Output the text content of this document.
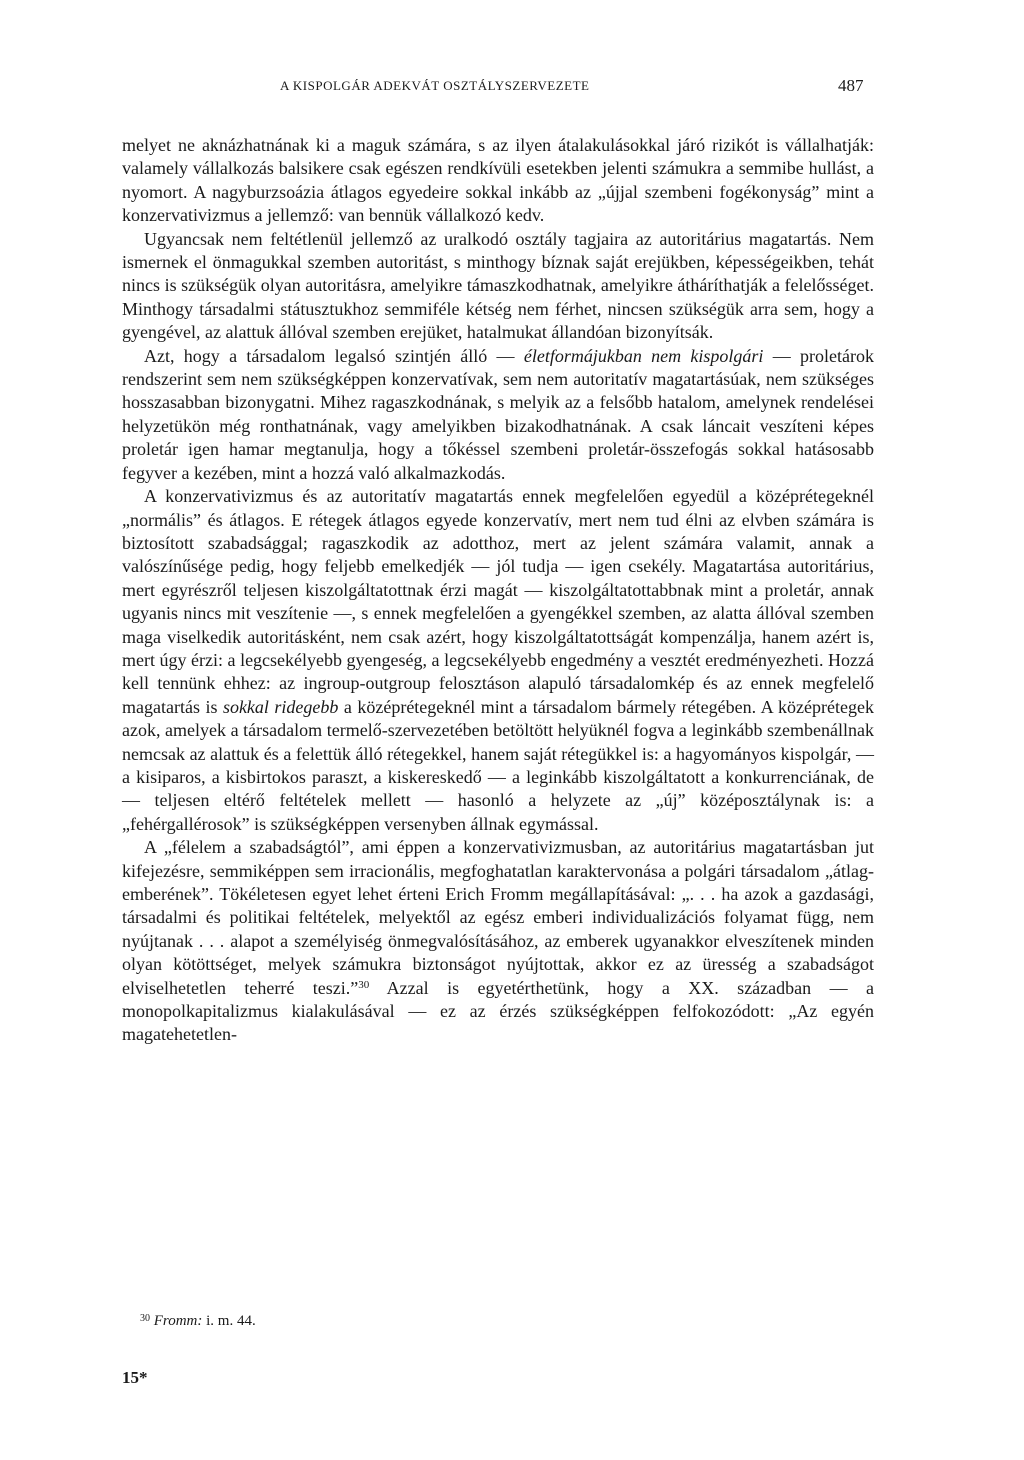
A KISPOLGÁR ADEKVÁT OSZTÁLYSZERVEZETE	487

melyet ne aknázhatnának ki a maguk számára, s az ilyen átalakulásokkal járó rizikót is vállalhatják: valamely vállalkozás balsikere csak egészen rendkívüli esetekben jelenti számukra a semmibe hullást, a nyomort. A nagyburzsoázia átlagos egyedeire sokkal inkább az „újjal szembeni fogékonyság” mint a konzervativizmus a jellemző: van bennük vállalkozó kedv.

Ugyancsak nem feltétlenül jellemző az uralkodó osztály tagjaira az autoritárius magatartás. Nem ismernek el önmagukkal szemben autoritást, s minthogy bíznak saját erejükben, képességeikben, tehát nincs is szükségük olyan autoritásra, amelyikre támaszkodhatnak, amelyikre átháríthatják a felelősséget. Minthogy társadalmi státusztukhoz semmiféle kétség nem férhet, nincsen szükségük arra sem, hogy a gyengével, az alattuk állóval szemben erejüket, hatalmukat állandóan bizonyítsák.

Azt, hogy a társadalom legalsó szintjén álló — életformájukban nem kispolgári — proletárok rendszerint sem nem szükségképpen konzervatívak, sem nem autoritatív magatartásúak, nem szükséges hosszasabban bizonygatni. Mihez ragaszkodnának, s melyik az a felsőbb hatalom, amelynek rendelései helyzetükön még ronthatnának, vagy amelyikben bizakodhatnának. A csak láncait veszíteni képes proletár igen hamar megtanulja, hogy a tőkéssel szembeni proletár-összefogás sokkal hatásosabb fegyver a kezében, mint a hozzá való alkalmazkodás.

A konzervativizmus és az autoritatív magatartás ennek megfelelően egyedül a középrétegeknél „normális” és átlagos. E rétegek átlagos egyede konzervatív, mert nem tud élni az elvben számára is biztosított szabadsággal; ragaszkodik az adotthoz, mert az jelent számára valamit, annak a valószínűsége pedig, hogy feljebb emelkedjék — jól tudja — igen csekély. Magatartása autoritárius, mert egyrészről teljesen kiszolgáltatottnak érzi magát — kiszolgáltatottabbnak mint a proletár, annak ugyanis nincs mit veszítenie —, s ennek megfelelően a gyengékkel szemben, az alatta állóval szemben maga viselkedik autoritásként, nem csak azért, hogy kiszolgáltatottságát kompenzálja, hanem azért is, mert úgy érzi: a legcsekélyebb gyengeség, a legcsekélyebb engedmény a vesztét eredményezheti. Hozzá kell tennünk ehhez: az ingroup-outgroup felosztáson alapuló társadalomkép és az ennek megfelelő magatartás is sokkal ridegebb a középrétegeknél mint a társadalom bármely rétegében. A középrétegek azok, amelyek a társadalom termelő-szervezetében betöltött helyüknél fogva a leginkább szembenállnak nemcsak az alattuk és a felettük álló rétegekkel, hanem saját rétegükkel is: a hagyományos kispolgár, — a kisiparos, a kisbirtokos paraszt, a kiskereskedő — a leginkább kiszolgáltatott a konkurrenciának, de — teljesen eltérő feltételek mellett — hasonló a helyzete az „új” középosztálynak is: a „fehérgallérosok” is szükségképpen versenyben állnak egymással.

A „félelem a szabadságtól”, ami éppen a konzervativizmusban, az autoritárius magatartásban jut kifejezésre, semmiképpen sem irracionális, megfoghatatlan karaktervonása a polgári társadalom „átlag-emberének”. Tökéletesen egyet lehet érteni Erich Fromm megállapításával: „. . . ha azok a gazdasági, társadalmi és politikai feltételek, melyektől az egész emberi individualizációs folyamat függ, nem nyújtanak . . . alapot a személyiség önmegvalósításához, az emberek ugyanakkor elveszítenek minden olyan kötöttséget, melyek számukra biztonságot nyújtottak, akkor ez az üresség a szabadságot elviselhetetlen teherré teszi.”$^{30}$ Azzal is egyetérthetünk, hogy a XX. században — a monopolkapitalizmus kialakulásával — ez az érzés szükségképpen felfokozódott: „Az egyén magatehetetlen-

$^{30}$ Fromm: i. m. 44.
15*
